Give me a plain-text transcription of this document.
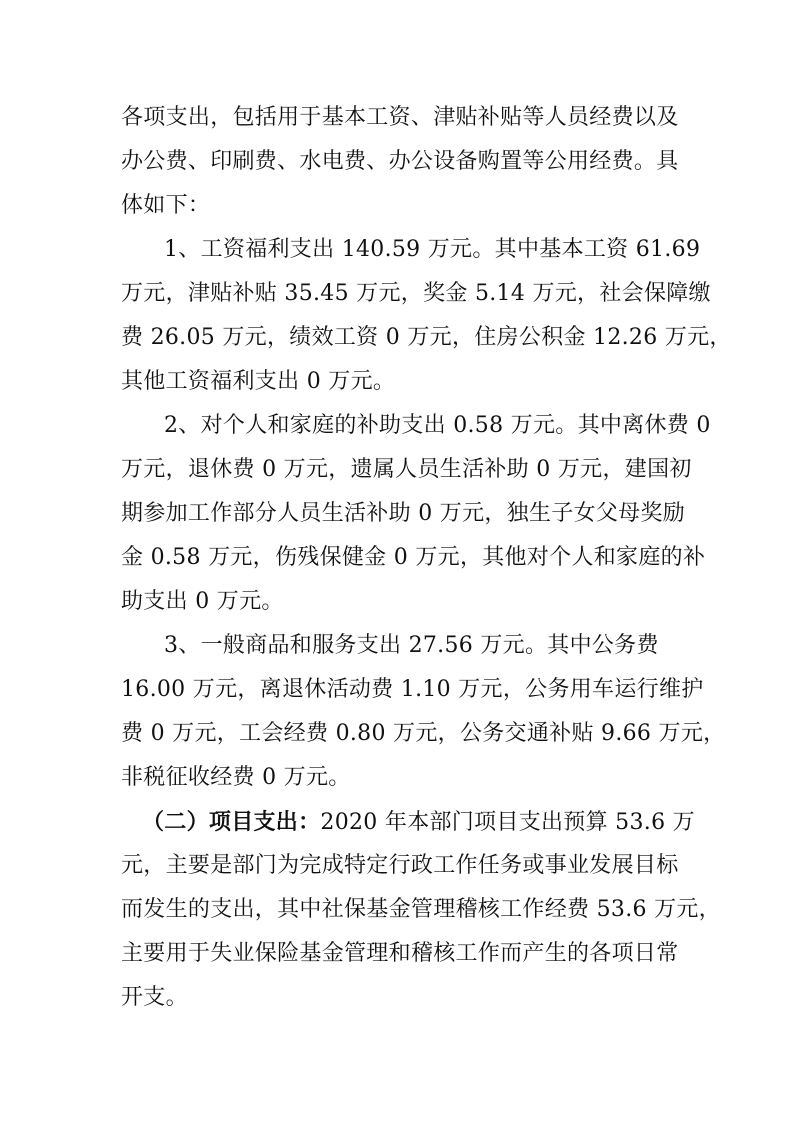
各项支出，包括用于基本工资、津贴补贴等人员经费以及
办公费、印刷费、水电费、办公设备购置等公用经费。具
体如下：
1、工资福利支出 140.59 万元。其中基本工资 61.69
万元，津贴补贴 35.45 万元，奖金 5.14 万元，社会保障缴
费 26.05 万元，绩效工资 0 万元，住房公积金 12.26 万元，
其他工资福利支出 0 万元。
2、对个人和家庭的补助支出 0.58 万元。其中离休费 0
万元，退休费 0 万元，遗属人员生活补助 0 万元，建国初
期参加工作部分人员生活补助 0 万元，独生子女父母奖励
金 0.58 万元，伤残保健金 0 万元，其他对个人和家庭的补
助支出 0 万元。
3、一般商品和服务支出 27.56 万元。其中公务费
16.00 万元，离退休活动费 1.10 万元，公务用车运行维护
费 0 万元，工会经费 0.80 万元，公务交通补贴 9.66 万元，
非税征收经费 0 万元。
（二）项目支出：2020 年本部门项目支出预算 53.6 万
元，主要是部门为完成特定行政工作任务或事业发展目标
而发生的支出，其中社保基金管理稽核工作经费 53.6 万元，
主要用于失业保险基金管理和稽核工作而产生的各项日常
开支。
